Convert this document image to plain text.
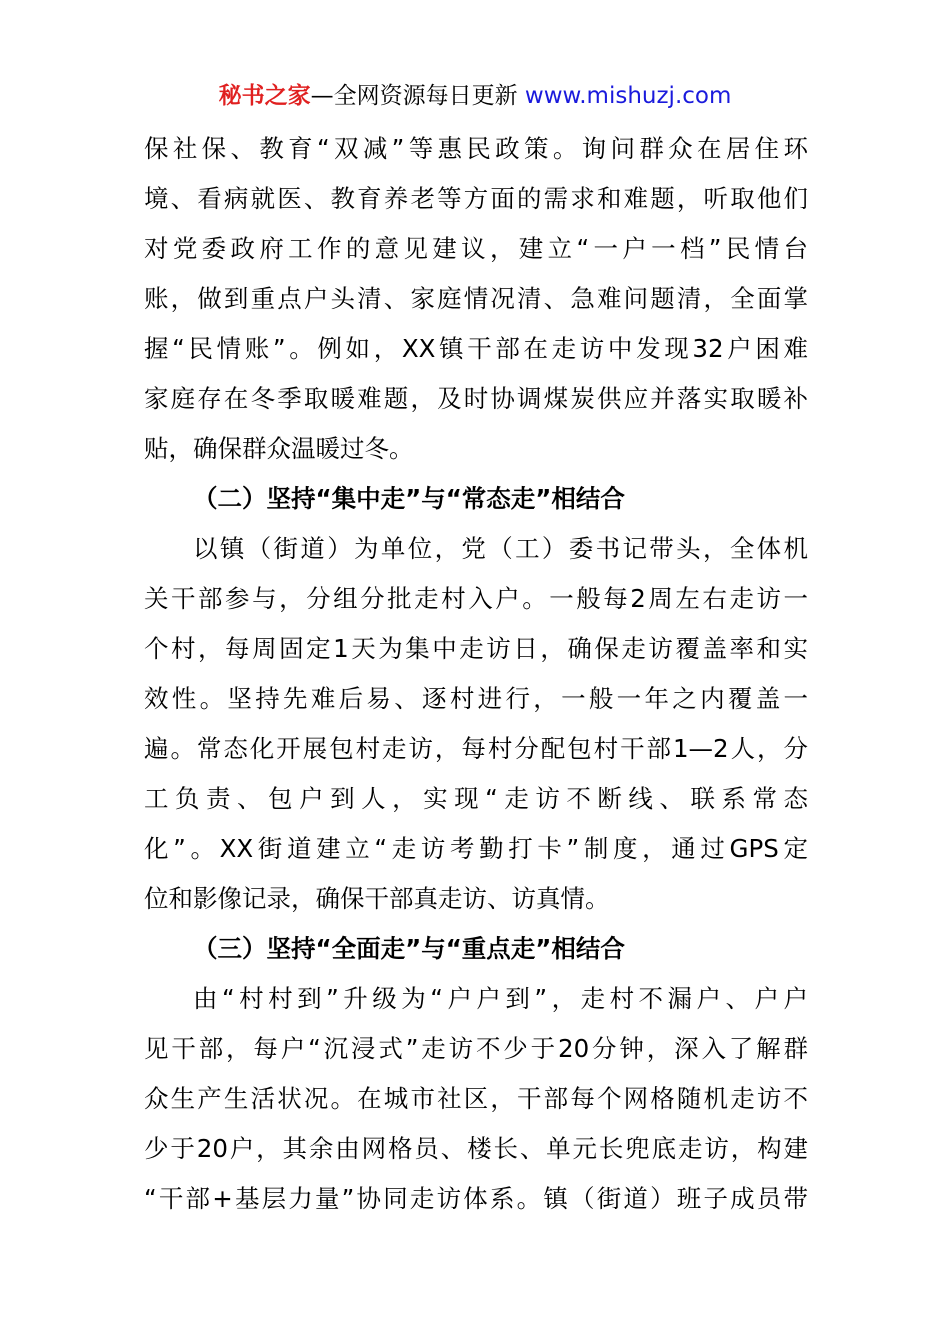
秘书之家—全网资源每日更新 www.mishuzj.com
保社保、教育“双减”等惠民政策。询问群众在居住环
境、看病就医、教育养老等方面的需求和难题，听取他们
对党委政府工作的意见建议，建立“一户一档”民情台
账，做到重点户头清、家庭情况清、急难问题清，全面掌
握“民情账”。例如，XX镇干部在走访中发现32户困难
家庭存在冬季取暖难题，及时协调煤炭供应并落实取暖补
贴，确保群众温暖过冬。
（二）坚持“集中走”与“常态走”相结合
以镇（街道）为单位，党（工）委书记带头，全体机
关干部参与，分组分批走村入户。一般每2周左右走访一
个村，每周固定1天为集中走访日，确保走访覆盖率和实
效性。坚持先难后易、逐村进行，一般一年之内覆盖一
遍。常态化开展包村走访，每村分配包村干部1—2人，分
工负责、包户到人，实现“走访不断线、联系常态
化”。XX街道建立“走访考勤打卡”制度，通过GPS定
位和影像记录，确保干部真走访、访真情。
（三）坚持“全面走”与“重点走”相结合
由“村村到”升级为“户户到”，走村不漏户、户户
见干部，每户“沉浸式”走访不少于20分钟，深入了解群
众生产生活状况。在城市社区，干部每个网格随机走访不
少于20户，其余由网格员、楼长、单元长兜底走访，构建
“干部+基层力量”协同走访体系。镇（街道）班子成员带
